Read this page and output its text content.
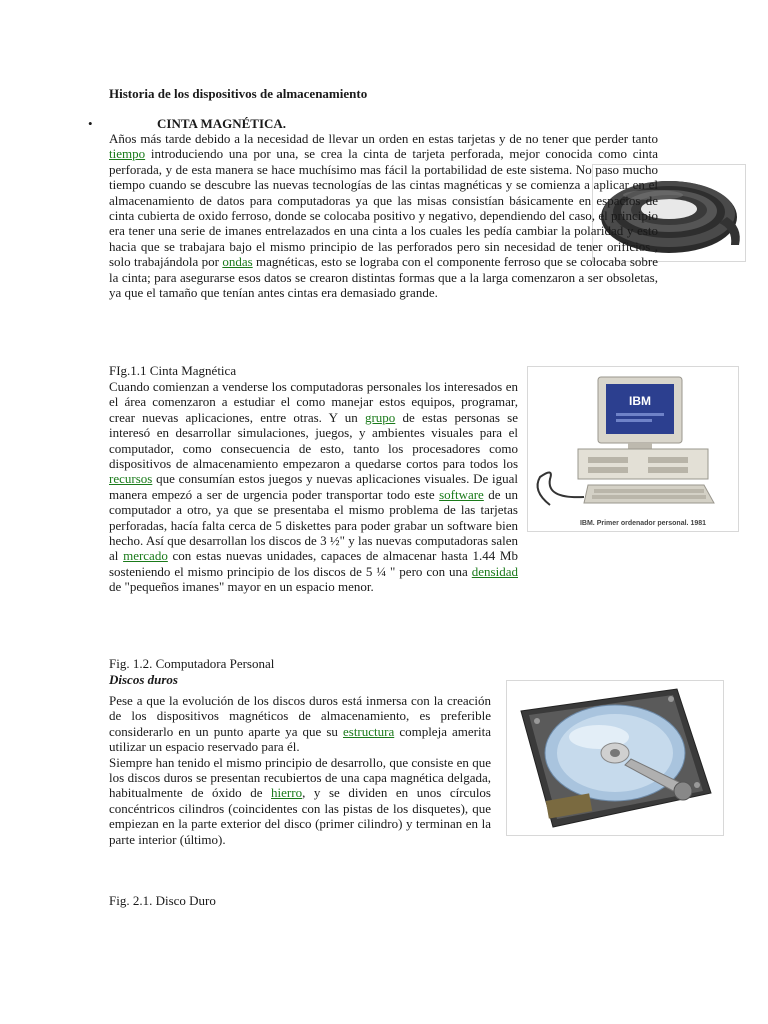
Historia de los dispositivos de almacenamiento
•	CINTA MAGNÉTICA.

Años más tarde debido a la necesidad de llevar un orden en estas tarjetas y de no tener que perder tanto tiempo introduciendo una por una, se crea la cinta de tarjeta perforada, mejor conocida como cinta perforada, y de esta manera se hace muchísimo mas fácil la portabilidad de este sistema. No paso mucho tiempo cuando se descubre las nuevas tecnologías de las cintas magnéticas y se comienza a aplicar en el almacenamiento de datos para computadoras ya que las misas consistían básicamente en espacios de cinta cubierta de oxido ferroso, donde se colocaba positivo y negativo, dependiendo del caso, el principio era tener una serie de imanes entrelazados en una cinta a los cuales les pedía cambiar la polaridad y esto hacia que se trabajara bajo el mismo principio de las perforados pero sin necesidad de tener orificios , solo trabajándola por ondas magnéticas, esto se lograba con el componente ferroso que se colocaba sobre la cinta; para asegurarse esos datos se crearon distintas formas que a la larga comenzaron a ser obsoletas, ya que el tamaño que tenían antes cintas era demasiado grande.

FIg.1.1 Cinta Magnética
IBM
IBM. Primer ordenador personal. 1981

Cuando comienzan a venderse los computadoras personales los interesados en el área comenzaron a estudiar el como manejar estos equipos, programar, crear nuevas aplicaciones, entre otras. Y un grupo de estas personas se interesó en desarrollar simulaciones, juegos, y ambientes visuales para el computador, como consecuencia de esto, tanto los procesadores como dispositivos de almacenamiento empezaron a quedarse cortos para todos los recursos que consumían estos juegos y nuevas aplicaciones visuales. De igual manera empezó a ser de urgencia poder transportar todo este software de un computador a otro, ya que se presentaba el mismo problema de las tarjetas perforadas, hacía falta cerca de 5 diskettes para poder grabar un software bien hecho. Así que desarrollan los discos de 3 ½" y las nuevas computadoras salen al mercado con estas nuevas unidades, capaces de almacenar hasta 1.44 Mb sosteniendo el mismo principio de los discos de 5 ¼ " pero con una densidad de "pequeños imanes" mayor en un espacio menor.

Fig. 1.2. Computadora Personal
Discos duros

Pese a que la evolución de los discos duros está inmersa con la creación de los dispositivos magnéticos de almacenamiento, es preferible considerarlo en un punto aparte ya que su estructura compleja amerita utilizar un espacio reservado para él.

Siempre han tenido el mismo principio de desarrollo, que consiste en que los discos duros se presentan recubiertos de una capa magnética delgada, habitualmente de óxido de hierro, y se dividen en unos círculos concéntricos cilindros (coincidentes con las pistas de los disquetes), que empiezan en la parte exterior del disco (primer cilindro) y terminan en la parte interior (último).

Fig. 2.1. Disco Duro
